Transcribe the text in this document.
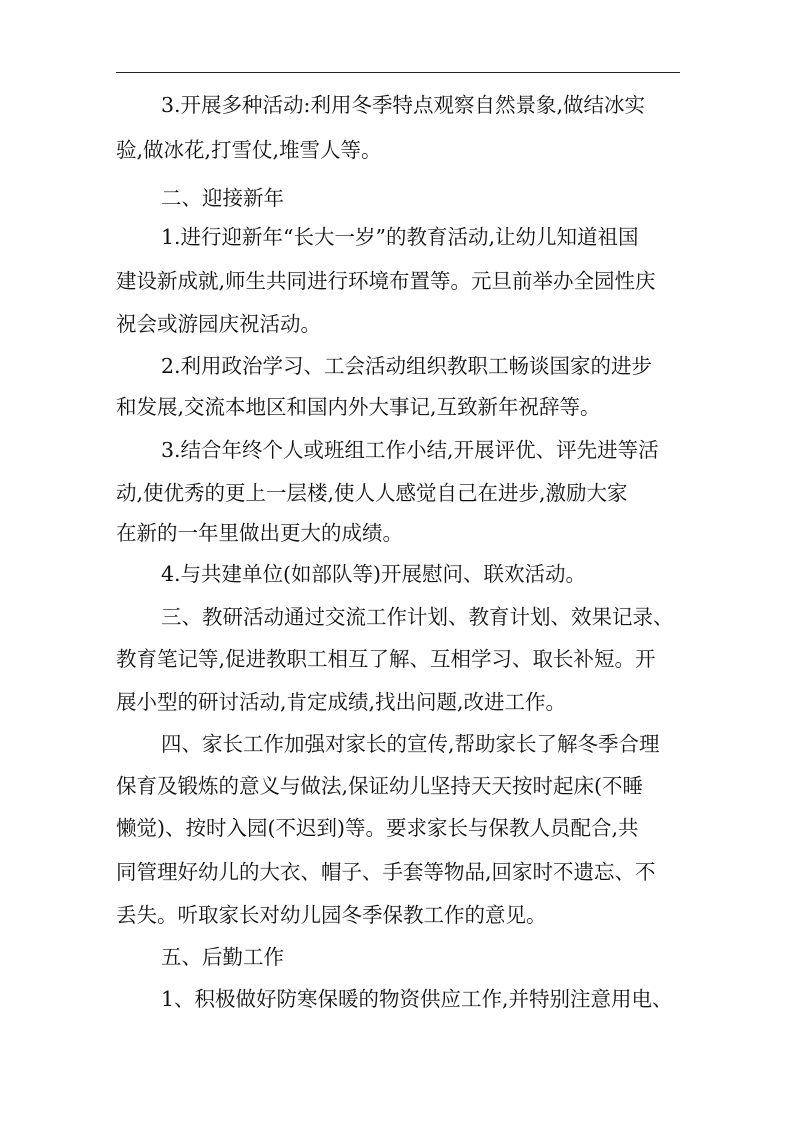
3.开展多种活动:利用冬季特点观察自然景象,做结冰实
验,做冰花,打雪仗,堆雪人等。
二、迎接新年
1.进行迎新年“长大一岁”的教育活动,让幼儿知道祖国
建设新成就,师生共同进行环境布置等。元旦前举办全园性庆
祝会或游园庆祝活动。
2.利用政治学习、工会活动组织教职工畅谈国家的进步
和发展,交流本地区和国内外大事记,互致新年祝辞等。
3.结合年终个人或班组工作小结,开展评优、评先进等活
动,使优秀的更上一层楼,使人人感觉自己在进步,激励大家
在新的一年里做出更大的成绩。
4.与共建单位(如部队等)开展慰问、联欢活动。
三、教研活动通过交流工作计划、教育计划、效果记录、
教育笔记等,促进教职工相互了解、互相学习、取长补短。开
展小型的研讨活动,肯定成绩,找出问题,改进工作。
四、家长工作加强对家长的宣传,帮助家长了解冬季合理
保育及锻炼的意义与做法,保证幼儿坚持天天按时起床(不睡
懒觉)、按时入园(不迟到)等。要求家长与保教人员配合,共
同管理好幼儿的大衣、帽子、手套等物品,回家时不遗忘、不
丢失。听取家长对幼儿园冬季保教工作的意见。
五、后勤工作
1、积极做好防寒保暖的物资供应工作,并特别注意用电、
